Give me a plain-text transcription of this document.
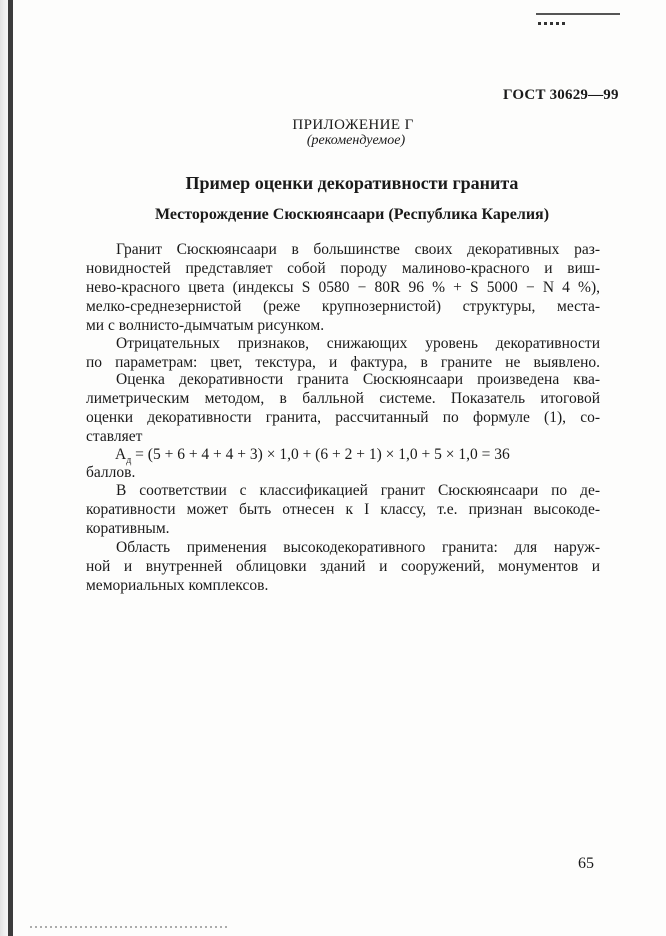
ГОСТ 30629—99
ПРИЛОЖЕНИЕ Г
(рекомендуемое)
Пример оценки декоративности гранита
Месторождение Сюскюянсаари (Республика Карелия)
Гранит Сюскюянсаари в большинстве своих декоративных раз-
новидностей представляет собой породу малиново-красного и виш-
нево-красного цвета (индексы S 0580 − 80R 96 % + S 5000 − N 4 %),
мелко-среднезернистой (реже крупнозернистой) структуры, места-
ми с волнисто-дымчатым рисунком.
Отрицательных признаков, снижающих уровень декоративности
по параметрам: цвет, текстура, и фактура, в граните не выявлено.
Оценка декоративности гранита Сюскюянсаари произведена ква-
лиметрическим методом, в балльной системе. Показатель итоговой
оценки декоративности гранита, рассчитанный по формуле (1), со-
ставляет
$А_д = (5 + 6 + 4 + 4 + 3) \times 1,0 + (6 + 2 + 1) \times 1,0 + 5 \times 1,0 = 36$
баллов.
В соответствии с классификацией гранит Сюскюянсаари по де-
коративности может быть отнесен к I классу, т.е. признан высокоде-
коративным.
Область применения высокодекоративного гранита: для наруж-
ной и внутренней облицовки зданий и сооружений, монументов и
мемориальных комплексов.
65
